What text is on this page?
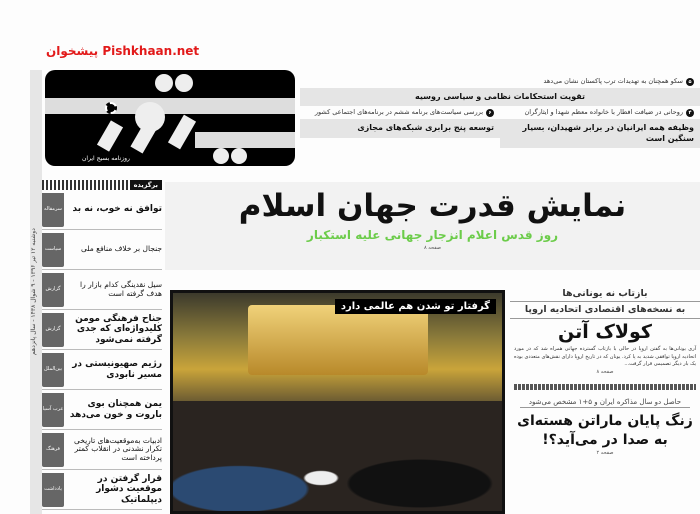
دوشنبه ۱۲ تیر ۱۳۹۶ - ۹ شوال ۱۴۳۸ - سال پانزدهم
پیشخوان Pishkhaan.net
روزنامه بسیج ایران
۵سکو همچنان به تهدیدات ترب پاکستان نشان می‌دهد
تقویت استحکامات نظامی و سیاسی روسیه
۴روحانی در ضیافت افطار با خانواده معظم شهدا و ایثارگران
وظیفه همه ایرانیان در برابر شهیدان، بسیار سنگین است
۶بررسی سیاست‌های برنامه ششم در برنامه‌های اجتماعی کشور
توسعه پنج برابری شبکه‌های مجازی
نمایش قدرت جهان اسلام
روز قدس اعلام انزجار جهانی علیه استکبار
صفحه ۸
برگزیده
توافق نه خوب، نه بد
سرمقاله
جنجال بر خلاف منافع ملی
سیاست
سیل نقدینگی کدام بازار را هدف گرفته است
گزارش
جناح فرهنگی مومن کلیدواژه‌ای که جدی گرفته نمی‌شود
گزارش
رژیم صهیونیستی در مسیر نابودی
بین‌الملل
یمن همچنان بوی باروت و خون می‌دهد
عرب آسیا
ادبیات به‌موقعیت‌های تاریخی تکرار نشدنی در انقلاب کمتر پرداخته است
فرهنگ
قرار گرفتن در موقعیت دشوار دیپلماتیک
یادداشت
گرفتار تو شدن هم عالمی دارد
بازتاب نه یونانی‌ها
به نسخه‌های اقتصادی اتحادیه اروپا
کولاک آتن
آری یونانی‌ها به گفتن اروپا در حالی با بازتاب گسترده جهانی همراه شد که در مورد اتحادیه اروپا توافقی شدید به پا کرد. یونان که در تاریخ اروپا دارای نقش‌های متعددی بوده یک بار دیگر تصمیمی قرار گرفت...
صفحه ۸
حاصل دو سال مذاکره ایران و ۵+۱ مشخص می‌شود
زنگ پایان ماراتن هسته‌ای به صدا در می‌آید؟!
صفحه ۲
